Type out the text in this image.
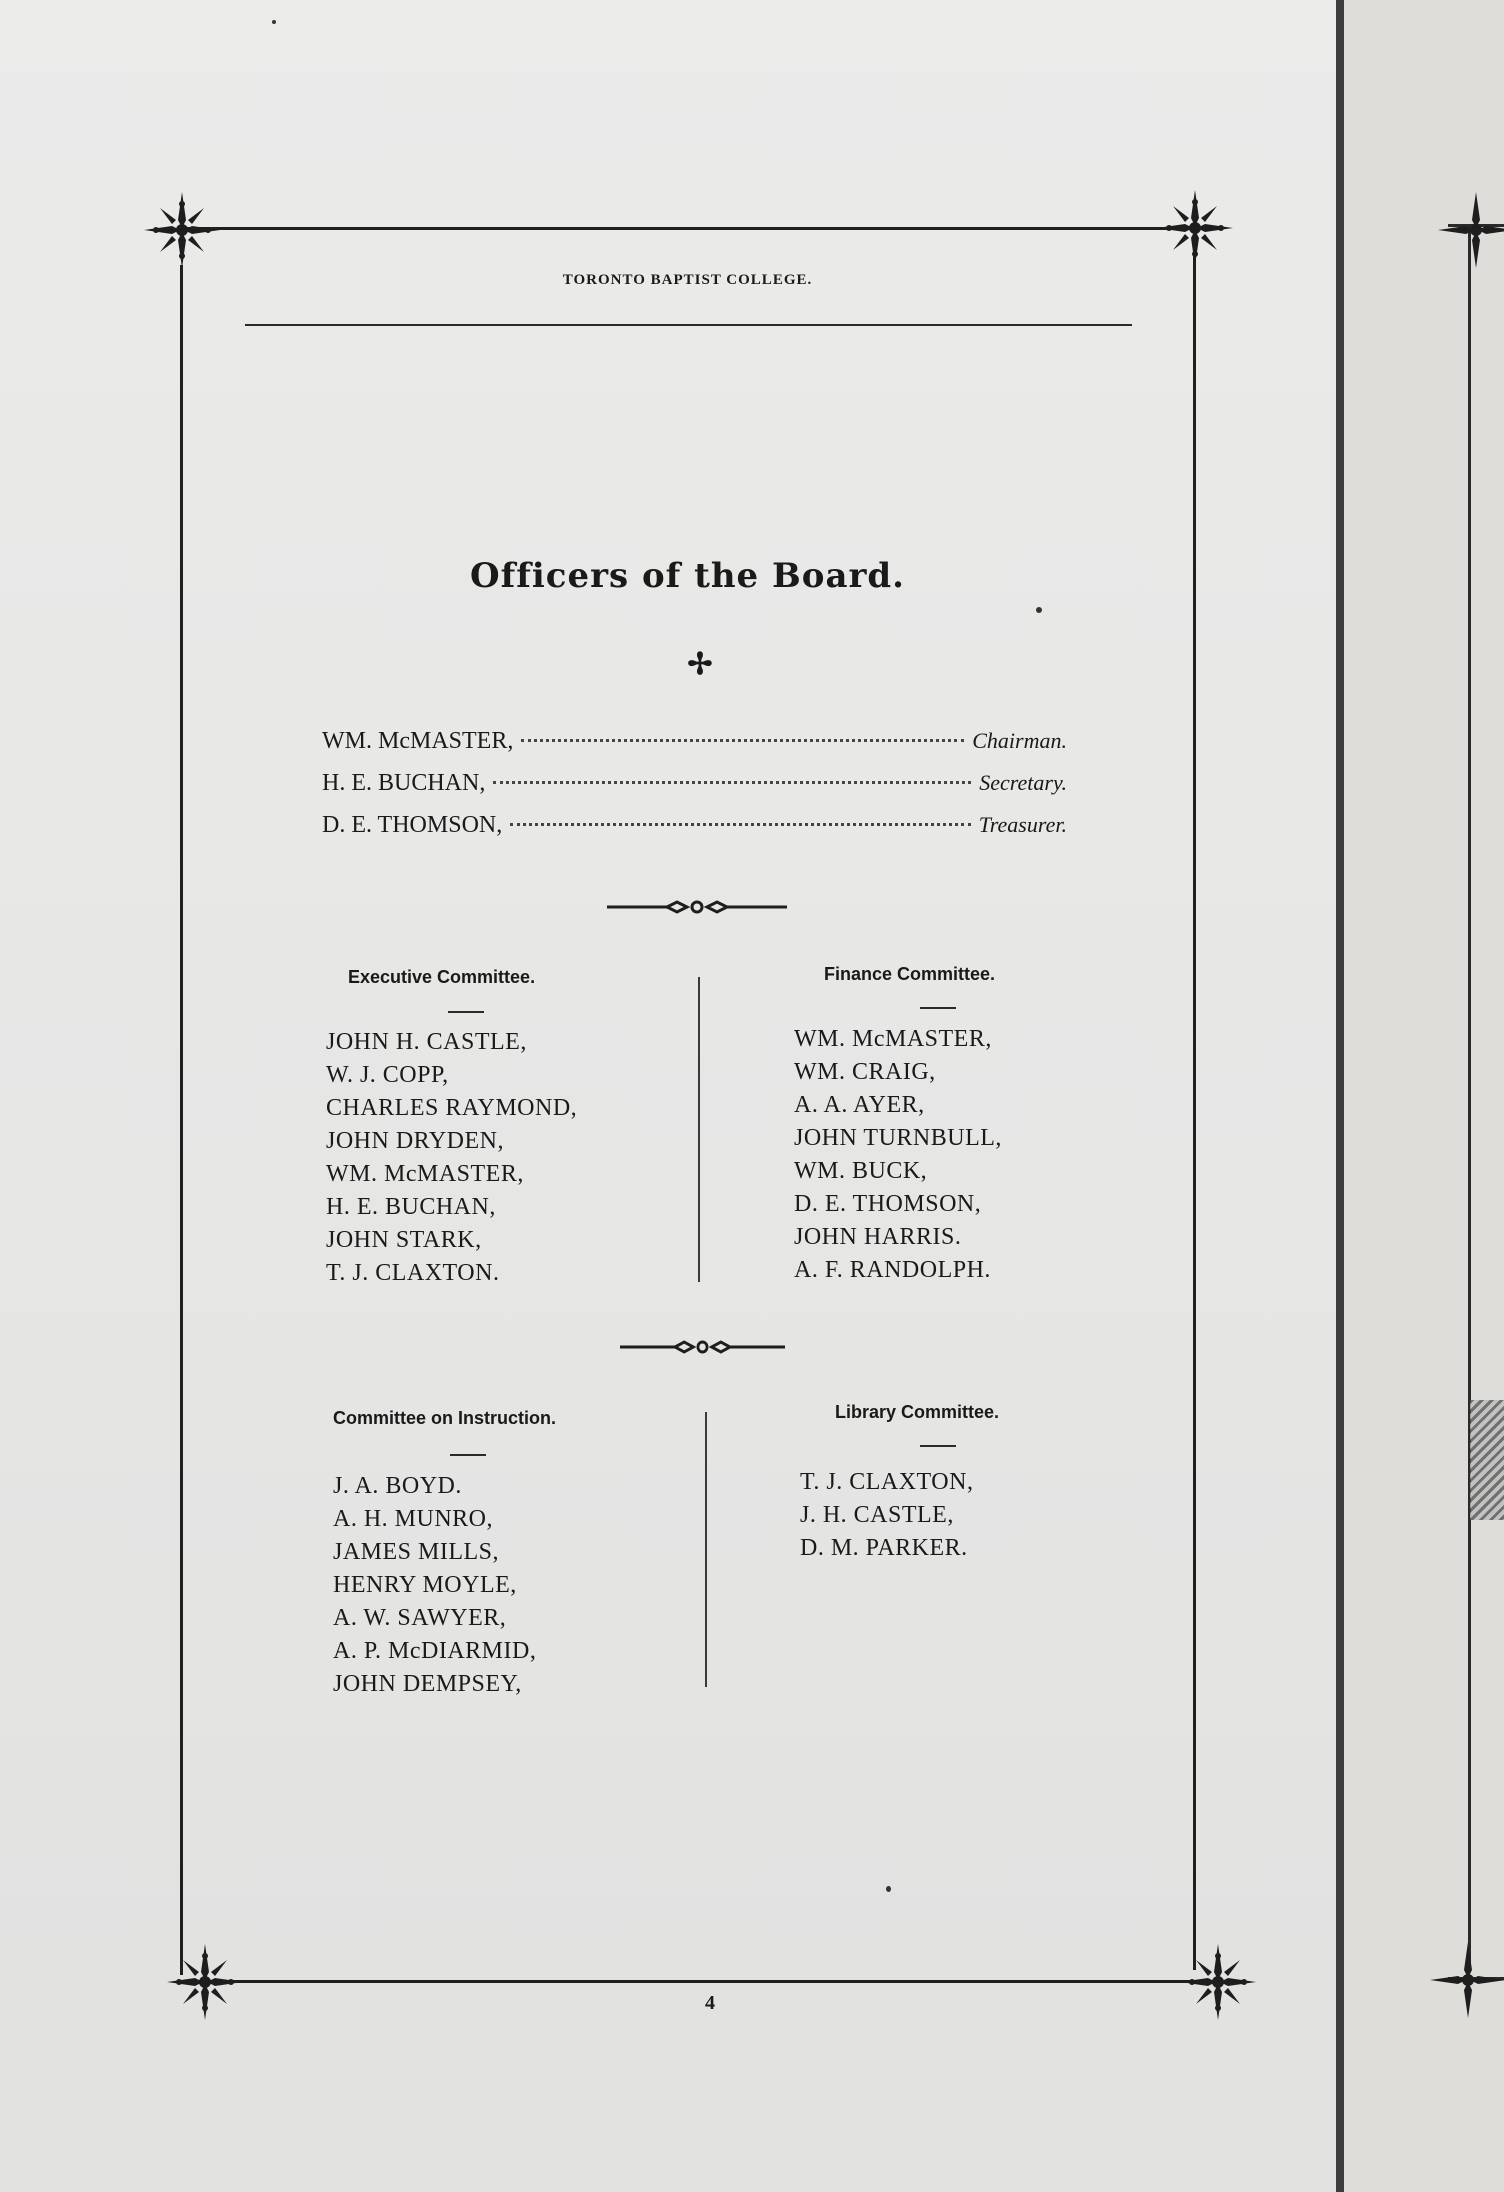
TORONTO BAPTIST COLLEGE.
Officers of the Board.
✢
WM. McMASTER,	Chairman.
H. E. BUCHAN,	Secretary.
D. E. THOMSON,	Treasurer.
Executive Committee.
JOHN H. CASTLE,
W. J. COPP,
CHARLES RAYMOND,
JOHN DRYDEN,
WM. McMASTER,
H. E. BUCHAN,
JOHN STARK,
T. J. CLAXTON.
Finance Committee.
WM. McMASTER,
WM. CRAIG,
A. A. AYER,
JOHN TURNBULL,
WM. BUCK,
D. E. THOMSON,
JOHN HARRIS.
A. F. RANDOLPH.
Committee on Instruction.
J. A. BOYD.
A. H. MUNRO,
JAMES MILLS,
HENRY MOYLE,
A. W. SAWYER,
A. P. McDIARMID,
JOHN DEMPSEY,
Library Committee.
T. J. CLAXTON,
J. H. CASTLE,
D. M. PARKER.
4
